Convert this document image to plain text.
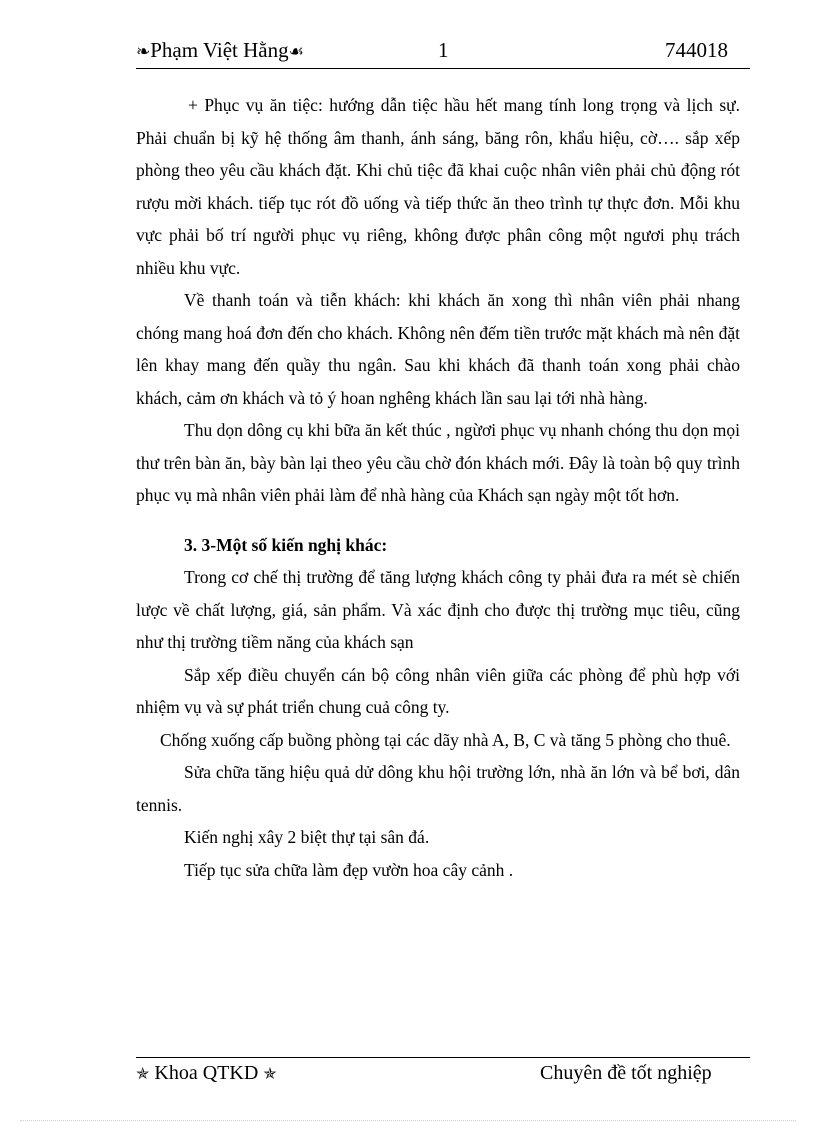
❧Phạm Việt Hằng☙	1	744018

+ Phục vụ ăn tiệc: hướng dẫn tiệc hầu hết mang tính long trọng và lịch sự. Phải chuẩn bị kỹ hệ thống âm thanh, ánh sáng, băng rôn, khẩu hiệu, cờ…. sắp xếp phòng theo yêu cầu khách đặt. Khi chủ tiệc đã khai cuộc nhân viên phải chủ động rót rượu mời khách. tiếp tục rót đồ uống và tiếp thức ăn theo trình tự thực đơn. Mỗi khu vực phải bố trí người phục vụ riêng, không được phân công một ngươi phụ trách nhiều khu vực.

Về thanh toán và tiễn khách: khi khách ăn xong thì nhân viên phải nhang chóng mang hoá đơn đến cho khách. Không nên đếm tiền trước mặt khách mà nên đặt lên khay mang đến quầy thu ngân. Sau khi khách đã thanh toán xong phải chào khách, cảm ơn khách và tỏ ý hoan nghêng khách lần sau lại tới nhà hàng.

Thu dọn dông cụ khi bữa ăn kết thúc , ngừơi phục vụ nhanh chóng thu dọn mọi thư trên bàn ăn, bày bàn lại theo yêu cầu chờ đón khách mới. Đây là toàn bộ quy trình phục vụ mà nhân viên phải làm để nhà hàng của Khách sạn ngày một tốt hơn.

3. 3-Một số kiến nghị khác:

Trong cơ chế thị trường để tăng lượng khách công ty phải đưa ra mét sè chiến lược về chất lượng, giá, sản phẩm. Và xác định cho được thị trường mục tiêu, cũng như thị trường tiềm năng của khách sạn

Sắp xếp điều chuyển cán bộ công nhân viên giữa các phòng để phù hợp với nhiệm vụ và sự phát triển chung cuả công ty.

Chống xuống cấp buồng phòng tại các dãy nhà A, B, C và tăng 5 phòng cho thuê.

Sửa chữa tăng hiệu quả dử dông khu hội trường lớn, nhà ăn lớn và bể bơi, dân tennis.

Kiến nghị xây 2 biệt thự tại sân đá.

Tiếp tục sửa chữa làm đẹp vườn hoa cây cảnh .

✯ Khoa QTKD ✯	Chuyên đề tốt nghiệp
